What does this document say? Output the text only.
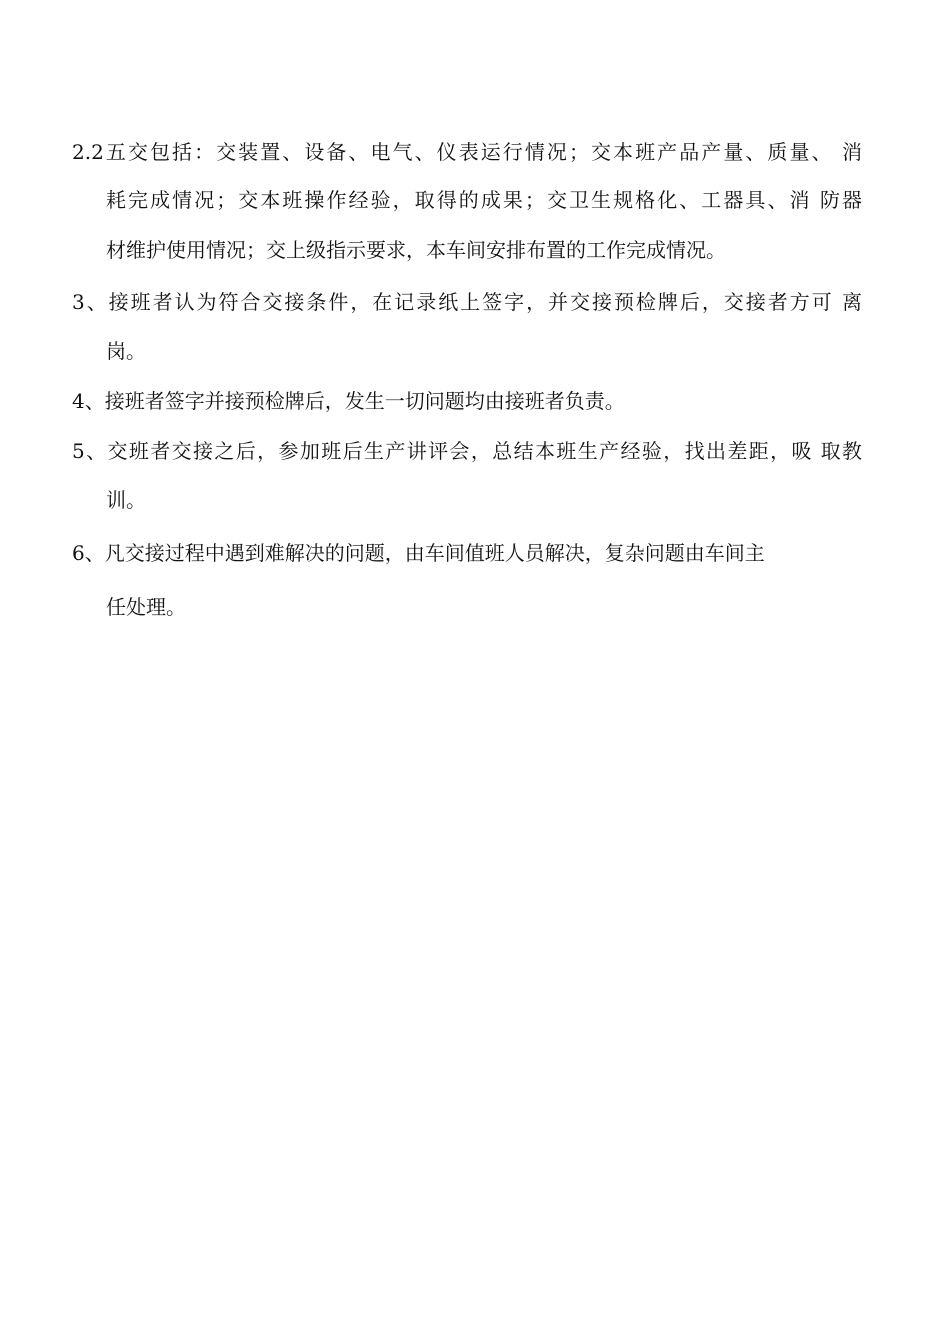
2.2五交包括：交装置、设备、电气、仪表运行情况；交本班产品产量、质量、 消
耗完成情况；交本班操作经验，取得的成果；交卫生规格化、工器具、消 防器
材维护使用情况；交上级指示要求，本车间安排布置的工作完成情况。
3、接班者认为符合交接条件，在记录纸上签字，并交接预检牌后，交接者方可 离
岗。
4、接班者签字并接预检牌后，发生一切问题均由接班者负责。
5、交班者交接之后，参加班后生产讲评会，总结本班生产经验，找出差距，吸 取教
训。
6、凡交接过程中遇到难解决的问题，由车间值班人员解决，复杂问题由车间主
任处理。
